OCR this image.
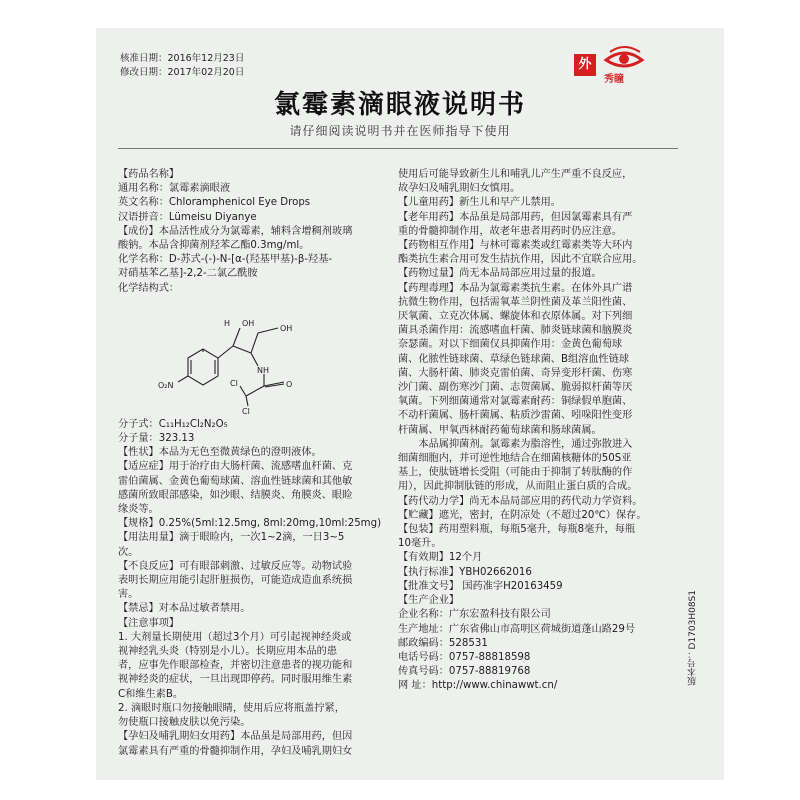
核准日期：2016年12月23日
修改日期：2017年02月20日
外
秀瞳
氯霉素滴眼液说明书
请仔细阅读说明书并在医师指导下使用

【药品名称】

通用名称：氯霉素滴眼液

英文名称：Chloramphenicol Eye Drops

汉语拼音：Lümeisu Diyanye

【成份】本品活性成分为氯霉素，辅料含增稠剂玻璃

酸钠。本品含抑菌剂羟苯乙酯0.3mg/ml。

化学名称：D-苏式-(-)-N-[α-(羟基甲基)-β-羟基-

对硝基苯乙基]-2,2-二氯乙酰胺

化学结构式：

H OH
OH
NH
O
Cl
Cl
O₂N

分子式：C₁₁H₁₂Cl₂N₂O₅

分子量：323.13

【性状】本品为无色至微黄绿色的澄明液体。

【适应症】用于治疗由大肠杆菌、流感嗜血杆菌、克

雷伯菌属、金黄色葡萄球菌、溶血性链球菌和其他敏

感菌所致眼部感染，如沙眼、结膜炎、角膜炎、眼睑

缘炎等。

【规格】0.25%(5ml:12.5mg, 8ml:20mg,10ml:25mg)

【用法用量】滴于眼睑内，一次1~2滴，一日3~5

次。

【不良反应】可有眼部刺激、过敏反应等。动物试验

表明长期应用能引起肝脏损伤，可能造成造血系统损

害。

【禁忌】对本品过敏者禁用。

【注意事项】

1. 大剂量长期使用（超过3个月）可引起视神经炎或

视神经乳头炎（特别是小儿）。长期应用本品的患

者，应事先作眼部检查，并密切注意患者的视功能和

视神经炎的症状，一旦出现即停药。同时服用维生素

C和维生素B。

2. 滴眼时瓶口勿接触眼睛，使用后应将瓶盖拧紧，

勿使瓶口接触皮肤以免污染。

【孕妇及哺乳期妇女用药】本品虽是局部用药，但因

氯霉素具有严重的骨髓抑制作用，孕妇及哺乳期妇女

使用后可能导致新生儿和哺乳儿产生严重不良反应，

故孕妇及哺乳期妇女慎用。

【儿童用药】新生儿和早产儿禁用。

【老年用药】本品虽是局部用药，但因氯霉素具有严

重的骨髓抑制作用，故老年患者用药时仍应注意。

【药物相互作用】与林可霉素类或红霉素类等大环内

酯类抗生素合用可发生拮抗作用，因此不宜联合应用。

【药物过量】尚无本品局部应用过量的报道。

【药理毒理】本品为氯霉素类抗生素。在体外具广谱

抗微生物作用，包括需氧革兰阴性菌及革兰阳性菌、

厌氧菌、立克次体属、螺旋体和衣原体属。对下列细

菌具杀菌作用：流感嗜血杆菌、肺炎链球菌和脑膜炎

奈瑟菌。对以下细菌仅具抑菌作用：金黄色葡萄球

菌、化脓性链球菌、草绿色链球菌、B组溶血性链球

菌、大肠杆菌、肺炎克雷伯菌、奇异变形杆菌、伤寒

沙门菌、副伤寒沙门菌、志贺菌属、脆弱拟杆菌等厌

氧菌。下列细菌通常对氯霉素耐药：铜绿假单胞菌、

不动杆菌属、肠杆菌属、粘质沙雷菌、吲哚阳性变形

杆菌属、甲氧西林耐药葡萄球菌和肠球菌属。

本品属抑菌剂。氯霉素为脂溶性，通过弥散进入

细菌细胞内，并可逆性地结合在细菌核糖体的50S亚

基上，使肽链增长受阻（可能由于抑制了转肽酶的作

用），因此抑制肽链的形成，从而阻止蛋白质的合成。

【药代动力学】尚无本品局部应用的药代动力学资料。

【贮藏】遮光，密封，在阴凉处（不超过20℃）保存。

【包装】药用塑料瓶，每瓶5毫升，每瓶8毫升，每瓶

10毫升。

【有效期】12个月

【执行标准】YBH02662016

【批准文号】 国药准字H20163459

【生产企业】

企业名称：广东宏盈科技有限公司

生产地址：广东省佛山市高明区荷城街道蓬山路29号

邮政编码：528531

电话号码：0757-88818598

传真号码：0757-88819768

网 址：http://www.chinawwt.cn/

版本号：D1703H08S1
